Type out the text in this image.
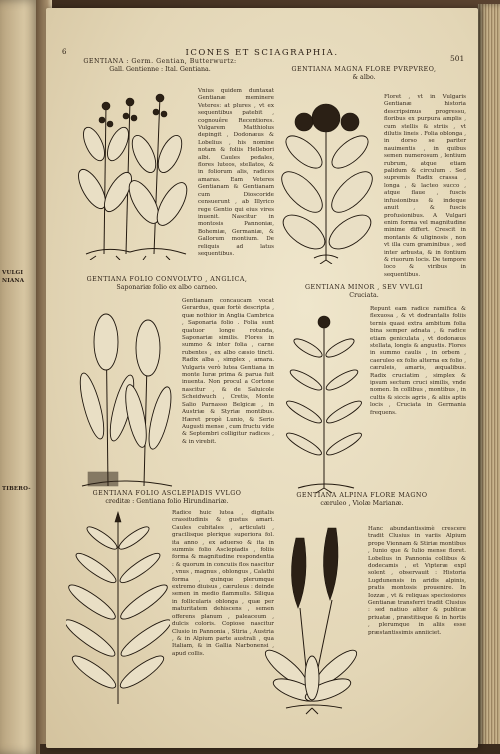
VULGI
NIANA
TIBERO-
6	ICONES ET SCIAGRAPHIA.
501
GENTIANA : Germ. Gentian, Butterwurtz:
Gall. Gentienne : Ital. Gentiana.
Vnius quidem duntaxat Gentianæ meminere Veteres: at plures , vt ex sequentibus patebit , cognouêre Recentiores. Vulgarem Matthiolus depingit , Dodonæus & Lobelius , his nomine notam & foliis Hellebori albi. Caules pedales, flores luteos, stellatos, & in foliorum alis, radices amaras. Eam Veteres Gentianam & Gentianam cum Dioscoride censuerunt , ab Illyrico rege Gentio qui eius vires inuenit. Nascitur in montosis Pannoniæ, Bohemiæ, Germaniæ, & Gallorum montium. De reliquis ad latus sequentibus.
GENTIANA MAGNA FLORE PVRPVREO,
& albo.
Floret , vt in Vulgaris Gentianæ historia descripsimus progressu, floribus ex purpura amplis , cum stellis & striis , vt dilutis lineis . Folia oblonga , in dorso se pariter nauimentis , in quibus semen numerosum , lentium rubrum, atque etiam palidum & circulum . Sed supremis Radix crassa , longa , & lacteo succo , atque flaue , fuscis infusionibus & indeque anuit , & fuscis profusionibus. A Vulgari enim forma vel magnitudine minime differt. Crescit in montanis & uliginosis , non vt illa cum graminibus , sed inter arbusta, & in fontium & riuorum locis. De tempore loco & viribus in sequentibus.
GENTIANA FOLIO CONVOLVTO , ANGLICA,
Saponariæ folio ex albo carneo.
Gentianam concaucam vocat Gerardus, quæ fortè descripta , quæ nothior in Anglia Cambrica , Saponaria folio . Folia sunt quatuor longe rotunda, Saponariæ similis. Flores in summo & inter folia , carne rubentes , ex albo cæsio tincti. Radix alba , simplex , amara. Vulgaris verò lutea Gentiana in monte Iuræ prima & parua fuit inuenta. Non procul a Cortone nascitur , & de Saluicole Scheidwuch , Cretis, Monte Salio Parnasso Belgicæ , in Austriæ & Styriæ montibus. Hæret propè Lunio, & Serio Augusti mense , cum fructu vide & Septembri colligitur radices , & in virebit.
GENTIANA MINOR , SEV VVLGI
Cruciata.
Repunt eam radice ramifica & flexuosa , & vt dodrantalis foliis ternis quasi extra ambitum folia bina semper adnata , & radice etiam geniculata , vt dodonæus stellata, longis & angustis. Flores in summo caulis , in orbem , caeruleo ex folio alterna ex folio , cæruleis, amaris, æqualibus. Radix cruciatim , simplex & ipsum sectum cruci similis, vnde nomen. In collibus , montibus , in cultis & siccis agris , & aliis aptis locis , Cruciata in Germania frequens.
GENTIANA FOLIO ASCLEPIADIS VVLGO
creditæ : Gentiana folio Hirundinariæ.
Radice huic lutea , digitalis crassitudinis & gustus amari. Caules cubitales , articulati , gracilisque plerique superiora fol. ita anno , ex aduerso & ita in summis folio Asclepiadis , foliis forma & magnitudine respondentia : & quorum in concuiis flos nascitur , vnus , magnus , oblongus , Calathi forma , quinque plerumque extremo diuisus , cæruleus : deinde semen in medio flammulis. Siliqua in follicularis oblonga , quæ per maturitatem dehiscens , semen offerens planum , paleaceum , dulcis coloris. Copiose nascitur Clusio in Pannonia , Stiria , Austria , & in Alpium parte australi , qua Italiam, & in Gallia Narbonensi , apud collis.
GENTIANA ALPINA FLORE MAGNO
cæruleo , Violæ Marianæ.
Hanc abundantissimè crescere tradit Clusius in variis Alpium prope Viennam & Stiriæ montibus , Iunio que & Iulio mense floret. Lobelius in Pannonia collibus & dodecamis , et Vipteræ expl solent , observauit : Historia Lugdunensis in aridis alpinis, pratis montosis prouenire. In Iozzæ , vt & reliquas speciosiores Gentianæ transferri tradit Clusius : sed natiuo aliter & publicæ priuatæ , præstitisque & in hortis , plerumque in aliis esse præstantissimis anniiciet.
